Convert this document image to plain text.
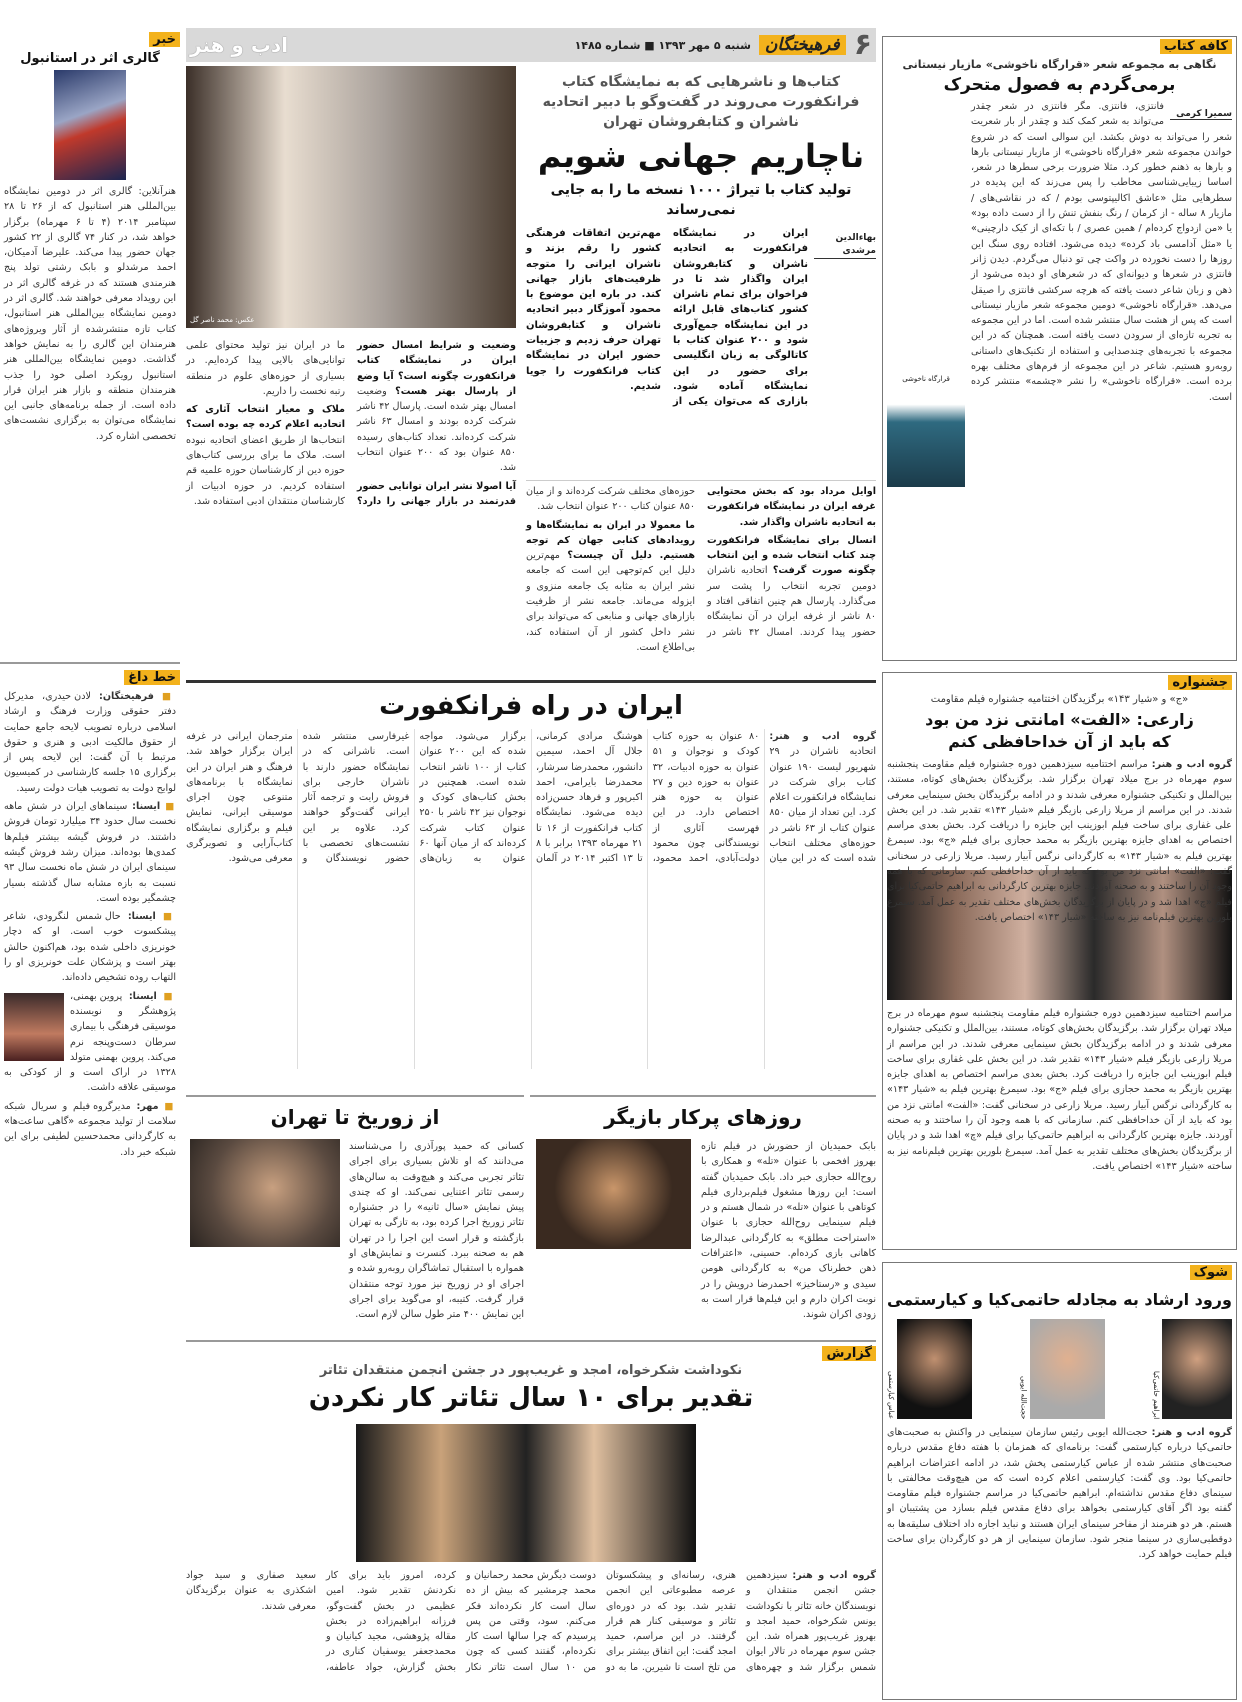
۶
فرهیختگان
شنبه ۵ مهر ۱۳۹۳ ■ شماره ۱۴۸۵
ادب و هنر
خبر
گالری اثر در استانبول
هنرآنلاین: گالری اثر در دومین نمایشگاه بین‌المللی هنر استانبول که از ۲۶ تا ۲۸ سپتامبر ۲۰۱۴ (۴ تا ۶ مهرماه) برگزار خواهد شد، در کنار ۷۴ گالری از ۲۲ کشور جهان حضور پیدا می‌کند. علیرضا آدمیکان، احمد مرشدلو و بابک رشتی تولد پنج هنرمندی هستند که در غرفه گالری اثر در این رویداد معرفی خواهند شد. گالری اثر در دومین نمایشگاه بین‌المللی هنر استانبول، کتاب تازه منتشرشده از آثار ویروژه‌های هنرمندان این گالری را به نمایش خواهد گذاشت. دومین نمایشگاه بین‌المللی هنر استانبول رویکرد اصلی خود را جذب هنرمندان منطقه و بازار هنر ایران قرار داده است. از جمله برنامه‌های جانبی این نمایشگاه می‌توان به برگزاری نشست‌های تخصصی اشاره کرد.
خط داغ

■ فرهیختگان: لادن حیدری، مدیرکل دفتر حقوقی وزارت فرهنگ و ارشاد اسلامی درباره تصویب لایحه جامع حمایت از حقوق مالکیت ادبی و هنری و حقوق مرتبط با آن گفت: این لایحه پس از برگزاری ۱۵ جلسه کارشناسی در کمیسیون لوایح دولت به تصویب هیات دولت رسید.

■ ایسنا: سینماهای ایران در شش ماهه نخست سال حدود ۳۴ میلیارد تومان فروش داشتند. در فروش گیشه بیشتر فیلم‌ها کمدی‌ها بوده‌اند. میزان رشد فروش گیشه سینمای ایران در شش ماه نخست سال ۹۳ نسبت به بازه مشابه سال گذشته بسیار چشمگیر بوده است.

■ ایسنا: حال شمس لنگرودی، شاعر پیشکسوت خوب است. او که دچار خونریزی داخلی شده بود، هم‌اکنون حالش بهتر است و پزشکان علت خونریزی او را التهاب روده تشخیص داده‌اند.

■ ایسنا: پروین بهمنی، پژوهشگر و نویسنده موسیقی فرهنگی با بیماری سرطان دست‌وپنجه نرم می‌کند. پروین بهمنی متولد ۱۳۲۸ در اراک است و از کودکی به موسیقی علاقه داشت.

■ مهر: مدیرگروه فیلم و سریال شبکه سلامت از تولید مجموعه «گاهی ساعت‌ها» به کارگردانی محمدحسین لطیفی برای این شبکه خبر داد.

عکس: محمد ناصر گل
کتاب‌ها و ناشرهایی که به نمایشگاه کتاب فرانکفورت می‌روند در گفت‌وگو با دبیر اتحادیه ناشران و کتابفروشان تهران
ناچاریم جهانی شویم
تولید کتاب با تیراژ ۱۰۰۰ نسخه ما را به جایی نمی‌رساند
بهاءالدین مرشدی
ایران در نمایشگاه فرانکفورت به اتحادیه ناشران و کتابفروشان ایران واگذار شد تا در فراخوان برای تمام ناشران کشور کتاب‌های قابل ارائه در این نمایشگاه جمع‌آوری شود و ۲۰۰ عنوان کتاب با کاتالوگی به زبان انگلیسی برای حضور در این نمایشگاه آماده شود. بازاری که می‌توان یکی از مهم‌ترین اتفاقات فرهنگی کشور را رقم بزند و ناشران ایرانی را متوجه ظرفیت‌های بازار جهانی کند. در باره این موضوع با محمود آموزگار دبیر اتحادیه ناشران و کتابفروشان تهران حرف زدیم و جزییات حضور ایران در نمایشگاه کتاب فرانکفورت را جویا شدیم.

وضعیت و شرایط امسال حضور ایران در نمایشگاه کتاب فرانکفورت چگونه است؟ آیا وضع از پارسال بهتر هست؟ وضعیت امسال بهتر شده است. پارسال ۴۲ ناشر شرکت کرده بودند و امسال ۶۳ ناشر شرکت کرده‌اند. تعداد کتاب‌های رسیده ۸۵۰ عنوان بود که ۲۰۰ عنوان انتخاب شد.

آیا اصولا نشر ایران توانایی حضور قدرتمند در بازار جهانی را دارد؟ ما در ایران نیز تولید محتوای علمی توانایی‌های بالایی پیدا کرده‌ایم. در بسیاری از حوزه‌های علوم در منطقه رتبه نخست را داریم.

ملاک و معیار انتخاب آثاری که اتحادیه اعلام کرده چه بوده است؟ انتخاب‌ها از طریق اعضای اتحادیه نبوده است. ملاک ما برای بررسی کتاب‌های حوزه دین از کارشناسان حوزه علمیه قم استفاده کردیم. در حوزه ادبیات از کارشناسان منتقدان ادبی استفاده شد.

اوایل مرداد بود که بخش محتوایی غرفه ایران در نمایشگاه فرانکفورت به اتحادیه ناشران واگذار شد.

انسال برای نمایشگاه فرانکفورت چند کتاب انتخاب شده و این انتخاب چگونه صورت گرفت؟ اتحادیه ناشران دومین تجربه انتخاب را پشت سر می‌گذارد. پارسال هم چنین اتفاقی افتاد و ۸۰ ناشر از غرفه ایران در آن نمایشگاه حضور پیدا کردند. امسال ۴۲ ناشر در حوزه‌های مختلف شرکت کرده‌اند و از میان ۸۵۰ عنوان کتاب ۲۰۰ عنوان انتخاب شد.

ما معمولا در ایران به نمایشگاه‌ها و رویدادهای کتابی جهان کم توجه هستیم. دلیل آن چیست؟ مهم‌ترین دلیل این کم‌توجهی این است که جامعه نشر ایران به مثابه یک جامعه منزوی و ایزوله می‌ماند. جامعه نشر از ظرفیت بازارهای جهانی و منابعی که می‌تواند برای نشر داخل کشور از آن استفاده کند، بی‌اطلاع است.

ایران در راه فرانکفورت
گروه ادب و هنر: اتحادیه ناشران در ۲۹ شهریور لیست ۱۹۰ عنوان کتاب برای شرکت در نمایشگاه فرانکفورت اعلام کرد. این تعداد از میان ۸۵۰ عنوان کتاب از ۶۳ ناشر در حوزه‌های مختلف انتخاب شده است که در این میان ۸۰ عنوان به حوزه کتاب کودک و نوجوان و ۵۱ عنوان به حوزه ادبیات، ۳۲ عنوان به حوزه دین و ۲۷ عنوان به حوزه هنر اختصاص دارد. در این فهرست آثاری از نویسندگانی چون محمود دولت‌آبادی، احمد محمود، هوشنگ مرادی کرمانی، جلال آل احمد، سیمین دانشور، محمدرضا سرشار، محمدرضا بایرامی، احمد اکبرپور و فرهاد حسن‌زاده دیده می‌شود. نمایشگاه کتاب فرانکفورت از ۱۶ تا ۲۱ مهرماه ۱۳۹۳ برابر با ۸ تا ۱۳ اکتبر ۲۰۱۴ در آلمان برگزار می‌شود. مواجه شده که این ۲۰۰ عنوان کتاب از ۱۰۰ ناشر انتخاب شده است. همچنین در بخش کتاب‌های کودک و نوجوان نیز ۴۲ ناشر با ۲۵۰ عنوان کتاب شرکت کرده‌اند که از میان آنها ۶۰ عنوان به زبان‌های غیرفارسی منتشر شده است. ناشرانی که در نمایشگاه حضور دارند با ناشران خارجی برای فروش رایت و ترجمه آثار ایرانی گفت‌وگو خواهند کرد. علاوه بر این نشست‌های تخصصی با حضور نویسندگان و مترجمان ایرانی در غرفه ایران برگزار خواهد شد. فرهنگ و هنر ایران در این نمایشگاه با برنامه‌های متنوعی چون اجرای موسیقی ایرانی، نمایش فیلم و برگزاری نمایشگاه کتاب‌آرایی و تصویرگری معرفی می‌شود.
روزهای پرکار بازیگر
بابک حمیدیان از حضورش در فیلم تازه بهروز افخمی با عنوان «تله» و همکاری با روح‌الله حجازی خبر داد. بابک حمیدیان گفته است: این روزها مشغول فیلم‌برداری فیلم کوتاهی با عنوان «تله» در شمال هستم و در فیلم سینمایی روح‌الله حجازی با عنوان «استراحت مطلق» به کارگردانی عبدالرضا کاهانی بازی کرده‌ام. حسینی، «اعترافات ذهن خطرناک من» به کارگردانی هومن سیدی و «رستاخیز» احمدرضا درویش را در نوبت اکران دارم و این فیلم‌ها قرار است به زودی اکران شوند.
از زوریخ تا تهران
کسانی که حمید پورآذری را می‌شناسند می‌دانند که او تلاش بسیاری برای اجرای تئاتر تجربی می‌کند و هیچ‌وقت به سالن‌های رسمی تئاتر اعتنایی نمی‌کند. او که چندی پیش نمایش «سال ثانیه» را در جشنواره تئاتر زوریخ اجرا کرده بود، به تازگی به تهران بازگشته و قرار است این اجرا را در تهران هم به صحنه ببرد. کنسرت و نمایش‌های او همواره با استقبال تماشاگران روبه‌رو شده و اجرای او در زوریخ نیز مورد توجه منتقدان قرار گرفت. کتیبه، او می‌گوید برای اجرای این نمایش ۴۰۰ متر طول سالن لازم است.
گزارش
نکوداشت شکرخواه، امجد و غریب‌پور در جشن انجمن منتقدان تئاتر
تقدیر برای ۱۰ سال تئاتر کار نکردن
گروه ادب و هنر: سیزدهمین جشن انجمن منتقدان و نویسندگان خانه تئاتر با نکوداشت یونس شکرخواه، حمید امجد و بهروز غریب‌پور همراه شد. این جشن سوم مهرماه در تالار ایوان شمس برگزار شد و چهره‌های هنری، رسانه‌ای و پیشکسوتان عرصه مطبوعاتی این انجمن تقدیر شد. بود که در دوره‌ای تئاتر و موسیقی کنار هم قرار گرفتند. در این مراسم، حمید امجد گفت: این اتفاق بیشتر برای من تلخ است تا شیرین. ما به دو دوست دیگرش محمد رحمانیان و محمد چرمشیر که بیش از ده سال است کار نکرده‌اند فکر می‌کنم. سود، وقتی من پس پرسیدم که چرا سالها است کار نکرده‌ام، گفتند کسی که چون من ۱۰ سال است تئاتر نکار کرده، امروز باید برای کار نکردنش تقدیر شود. امین عظیمی در بخش گفت‌وگو، فرزانه ابراهیم‌زاده در بخش مقاله پژوهشی، مجید کیانیان و محمدجعفر یوسفیان کناری در بخش گزارش، جواد عاطفه، سعید صفاری و سید جواد اشکذری به عنوان برگزیدگان معرفی شدند.
کافه کتاب
نگاهی به مجموعه شعر «قرارگاه ناخوشی» مازیار نیستانی
برمی‌گردم به فصول متحرک
سمیرا کرمی
قرارگاه ناخوشی
فانتزی، فانتزی. مگر فانتزی در شعر چقدر می‌تواند به شعر کمک کند و چقدر از بار شعریت شعر را می‌تواند به دوش بکشد. این سوالی است که در شروع خواندن مجموعه شعر «قرارگاه ناخوشی» از مازیار نیستانی بارها و بارها به ذهنم خطور کرد. مثلا ضرورت برخی سطرها در شعر، اساسا زیبایی‌شناسی مخاطب را پس می‌زند که این پدیده در سطرهایی مثل «عاشق اکالیپتوسی بودم / که در نقاشی‌های / مازیار ۸ ساله - از کرمان / رنگ بنفش تنش را از دست داده بود» یا «من ازدواج کرده‌ام / همین عصری / با تکه‌ای از کیک دارچینی» یا «مثل آدامسی باد کرده» دیده می‌شود. افتاده روی سنگ این روزها را دست نخورده در واکت چی تو دنبال می‌گردم. دیدن ژانر فانتزی در شعرها و دیوانه‌ای که در شعرهای او دیده می‌شود از ذهن و زبان شاعر دست یافته که هرچه سرکشی فانتزی را صیقل می‌دهد. «قرارگاه ناخوشی» دومین مجموعه شعر مازیار نیستانی است که پس از هشت سال منتشر شده است. اما در این مجموعه به تجربه تازه‌ای از سرودن دست یافته است. همچنان که در این مجموعه با تجربه‌های چندصدایی و استفاده از تکنیک‌های داستانی روبه‌رو هستیم. شاعر در این مجموعه از فرم‌های مختلف بهره برده است. «قرارگاه ناخوشی» را نشر «چشمه» منتشر کرده است.
جشنواره
«ج» و «شیار ۱۴۳» برگزیدگان اختتامیه جشنواره فیلم مقاومت
زارعی: «الفت» امانتی نزد من بود که باید از آن خداحافظی کنم
گروه ادب و هنر: مراسم اختتامیه سیزدهمین دوره جشنواره فیلم مقاومت پنجشنبه سوم مهرماه در برج میلاد تهران برگزار شد. برگزیدگان بخش‌های کوتاه، مستند، بین‌الملل و تکنیکی جشنواره معرفی شدند و در ادامه برگزیدگان بخش سینمایی معرفی شدند. در این مراسم از مریلا زارعی بازیگر فیلم «شیار ۱۴۳» تقدیر شد. در این بخش علی غفاری برای ساخت فیلم ابوزینب این جایزه را دریافت کرد. بخش بعدی مراسم اختصاص به اهدای جایزه بهترین بازیگر به محمد حجازی برای فیلم «ج» بود. سیمرغ بهترین فیلم به «شیار ۱۴۳» به کارگردانی نرگس آبیار رسید. مریلا زارعی در سخنانی گفت: «الفت» امانتی نزد من بود که باید از آن خداحافظی کنم. سازمانی که با همه وجود آن را ساختند و به صحنه آوردند. جایزه بهترین کارگردانی به ابراهیم حاتمی‌کیا برای فیلم «چ» اهدا شد و در پایان از برگزیدگان بخش‌های مختلف تقدیر به عمل آمد. سیمرغ بلورین بهترین فیلم‌نامه نیز به ساخته «شیار ۱۴۳» اختصاص یافت.
مراسم اختتامیه سیزدهمین دوره جشنواره فیلم مقاومت پنجشنبه سوم مهرماه در برج میلاد تهران برگزار شد. برگزیدگان بخش‌های کوتاه، مستند، بین‌الملل و تکنیکی جشنواره معرفی شدند و در ادامه برگزیدگان بخش سینمایی معرفی شدند. در این مراسم از مریلا زارعی بازیگر فیلم «شیار ۱۴۳» تقدیر شد. در این بخش علی غفاری برای ساخت فیلم ابوزینب این جایزه را دریافت کرد. بخش بعدی مراسم اختصاص به اهدای جایزه بهترین بازیگر به محمد حجازی برای فیلم «ج» بود. سیمرغ بهترین فیلم به «شیار ۱۴۳» به کارگردانی نرگس آبیار رسید. مریلا زارعی در سخنانی گفت: «الفت» امانتی نزد من بود که باید از آن خداحافظی کنم. سازمانی که با همه وجود آن را ساختند و به صحنه آوردند. جایزه بهترین کارگردانی به ابراهیم حاتمی‌کیا برای فیلم «چ» اهدا شد و در پایان از برگزیدگان بخش‌های مختلف تقدیر به عمل آمد. سیمرغ بلورین بهترین فیلم‌نامه نیز به ساخته «شیار ۱۴۳» اختصاص یافت.
شوک
ورود ارشاد به مجادله حاتمی‌کیا و کیارستمی
ابراهیم حاتمی‌کیا
حجت‌الله ایوبی
عباس کیارستمی
گروه ادب و هنر: حجت‌الله ایوبی رئیس سازمان سینمایی در واکنش به صحبت‌های حاتمی‌کیا درباره کیارستمی گفت: برنامه‌ای که همزمان با هفته دفاع مقدس درباره صحبت‌های منتشر شده از عباس کیارستمی پخش شد، در ادامه اعتراضات ابراهیم حاتمی‌کیا بود. وی گفت: کیارستمی اعلام کرده است که من هیچ‌وقت مخالفتی با سینمای دفاع مقدس نداشته‌ام. ابراهیم حاتمی‌کیا در مراسم جشنواره فیلم مقاومت گفته بود اگر آقای کیارستمی بخواهد برای دفاع مقدس فیلم بسازد من پشتیبان او هستم. هر دو هنرمند از مفاخر سینمای ایران هستند و نباید اجازه داد اختلاف سلیقه‌ها به دوقطبی‌سازی در سینما منجر شود. سازمان سینمایی از هر دو کارگردان برای ساخت فیلم حمایت خواهد کرد.
